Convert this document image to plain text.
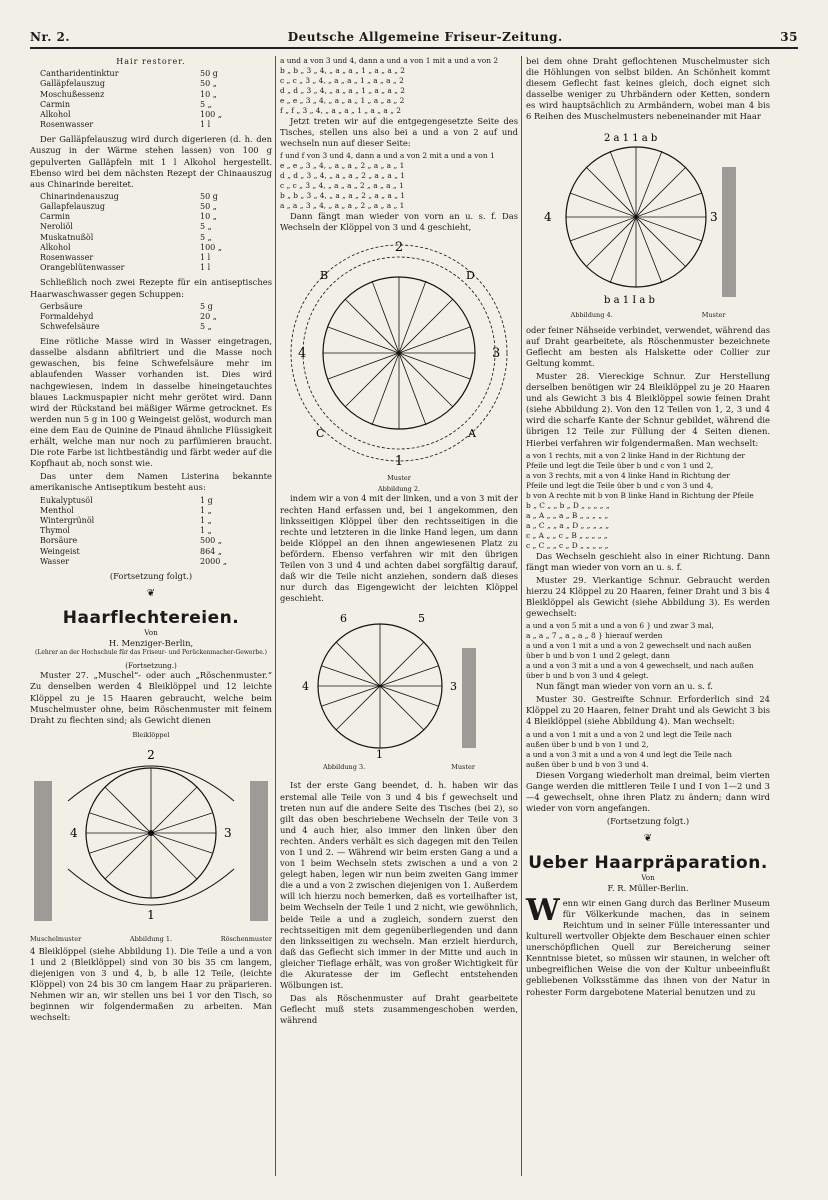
Nr. 2.	Deutsche Allgemeine Friseur-Zeitung.	35
Hair restorer.
Cantharidentinktur	50 g
Galläpfelauszug	50 „
Moschußessenz	10 „
Carmin	5 „
Alkohol	100 „
Rosenwasser	1 l

Der Galläpfelauszug wird durch digerieren (d. h. den Auszug in der Wärme stehen lassen) von 100 g gepulverten Galläpfeln mit 1 l Alkohol hergestellt. Ebenso wird bei dem nächsten Rezept der Chinaauszug aus Chinarinde bereitet.

Chinarindenauszug	50 g
Gallapfelauszug	50 „
Carmin	10 „
Neroliöl	5 „
Muskatnußöl	5 „
Alkohol	100 „
Rosenwasser	1 l
Orangeblütenwasser	1 l

Schließlich noch zwei Rezepte für ein antiseptisches Haarwaschwasser gegen Schuppen:

Gerbsäure	5 g
Formaldehyd	20 „
Schwefelsäure	5 „

Eine rötliche Masse wird in Wasser eingetragen, dasselbe alsdann abfiltriert und die Masse noch gewaschen, bis feine Schwefelsäure mehr im ablaufenden Wasser vorhanden ist. Dies wird nachgewiesen, indem in dasselbe hineingetauchtes blaues Lackmuspapier nicht mehr gerötet wird. Dann wird der Rückstand bei mäßiger Wärme getrocknet. Es werden nun 5 g in 100 g Weingeist gelöst, wodurch man eine dem Eau de Quinine de Pinaud ähnliche Flüssigkeit erhält, welche man nur noch zu parfümieren braucht. Die rote Farbe ist lichtbeständig und färbt weder auf die Kopfhaut ab, noch sonst wie.

Das unter dem Namen Listerina bekannte amerikanische Antiseptikum besteht aus:

Eukalyptusöl	1 g
Menthol	1 „
Wintergrünöl	1 „
Thymol	1 „
Borsäure	500 „
Weingeist	864 „
Wasser	2000 „
(Fortsetzung folgt.)
❦
Haarflechtereien.
Von
H. Menziger-Berlin,
(Lehrer an der Hochschule für das Friseur- und Perückenmacher-Gewerbe.)
(Fortsetzung.)

Muster 27. „Muschel“- oder auch „Röschenmuster.“ Zu denselben werden 4 Bleiklöppel und 12 leichte Klöppel zu je 15 Haaren gebraucht, welche beim Muschelmuster ohne, beim Röschenmuster mit feinem Draht zu flechten sind; als Gewicht dienen

Bleiklöppel
2
1
4	3
Muschelmuster	Abbildung 1.	Röschenmuster

4 Bleiklöppel (siehe Abbildung 1). Die Teile a und a von 1 und 2 (Bleiklöppel) sind von 30 bis 35 cm langem, diejenigen von 3 und 4, b, b alle 12 Teile, (leichte Klöppel) von 24 bis 30 cm langem Haar zu präparieren. Nehmen wir an, wir stellen uns bei 1 vor den Tisch, so beginnen wir folgendermaßen zu arbeiten. Man wechselt:

a und a von 3 und 4, dann a und a von 1 mit a und a von 2
b „ b „ 3 „ 4, „ a „ a „ 1 „ a „ a „ 2
c „ c „ 3 „ 4, „ a „ a „ 1 „ a „ a „ 2
d „ d „ 3 „ 4, „ a „ a „ 1 „ a „ a „ 2
e „ e „ 3 „ 4, „ a „ a „ 1 „ a „ a „ 2
f „ f „ 3 „ 4, „ a „ a „ 1 „ a „ a „ 2

Jetzt treten wir auf die entgegengesetzte Seite des Tisches, stellen uns also bei a und a von 2 auf und wechseln nun auf dieser Seite:

f und f von 3 und 4, dann a und a von 2 mit a und a von 1
e „ e „ 3 „ 4, „ a „ a „ 2 „ a „ a „ 1
d „ d „ 3 „ 4, „ a „ a „ 2 „ a „ a „ 1
c „ c „ 3 „ 4, „ a „ a „ 2 „ a „ a „ 1
b „ b „ 3 „ 4, „ a „ a „ 2 „ a „ a „ 1
a „ a „ 3 „ 4, „ a „ a „ 2 „ a „ a „ 1

Dann fängt man wieder von vorn an u. s. f. Das Wechseln der Klöppel von 3 und 4 geschieht,

2
1
4	3
B	D
C	A
Muster
Abbildung 2.

indem wir a von 4 mit der linken, und a von 3 mit der rechten Hand erfassen und, bei 1 angekommen, den linksseitigen Klöppel über den rechtsseitigen in die rechte und letzteren in die linke Hand legen, um dann beide Klöppel an den ihnen angewiesenen Platz zu befördern. Ebenso verfahren wir mit den übrigen Teilen von 3 und 4 und achten dabei sorgfältig darauf, daß wir die Teile nicht anziehen, sondern daß dieses nur durch das Eigengewicht der leichten Klöppel geschieht.

6	5
4	3
1
Abbildung 3.	Muster

Ist der erste Gang beendet, d. h. haben wir das erstemal alle Teile von 3 und 4 bis f gewechselt und treten nun auf die andere Seite des Tisches (bei 2), so gilt das oben beschriebene Wechseln der Teile von 3 und 4 auch hier, also immer den linken über den rechten. Anders verhält es sich dagegen mit den Teilen von 1 und 2. — Während wir beim ersten Gang a und a von 1 beim Wechseln stets zwischen a und a von 2 gelegt haben, legen wir nun beim zweiten Gang immer die a und a von 2 zwischen diejenigen von 1. Außerdem will ich hierzu noch bemerken, daß es vorteilhafter ist, beim Wechseln der Teile 1 und 2 nicht, wie gewöhnlich, beide Teile a und a zugleich, sondern zuerst den rechtsseitigen mit dem gegenüberliegenden und dann den linksseitigen zu wechseln. Man erzielt hierdurch, daß das Geflecht sich immer in der Mitte und auch in gleicher Tieflage erhält, was von großer Wichtigkeit für die Akuratesse der im Geflecht entstehenden Wölbungen ist.

Das als Röschenmuster auf Draht gearbeitete Geflecht muß stets zusammengeschoben werden, während

bei dem ohne Draht geflochtenen Muschelmuster sich die Höhlungen von selbst bilden. An Schönheit kommt diesem Geflecht fast keines gleich, doch eignet sich dasselbe weniger zu Uhrbändern oder Ketten, sondern es wird hauptsächlich zu Armbändern, wobei man 4 bis 6 Reihen des Muschelmusters nebeneinander mit Haar

2 a 1 1 a b
b a 1 I a b
4	3
Abbildung 4.	Muster

oder feiner Nähseide verbindet, verwendet, während das auf Draht gearbeitete, als Röschenmuster bezeichnete Geflecht am besten als Halskette oder Collier zur Geltung kommt.

Muster 28. Viereckige Schnur. Zur Herstellung derselben benötigen wir 24 Bleiklöppel zu je 20 Haaren und als Gewicht 3 bis 4 Bleiklöppel sowie feinen Draht (siehe Abbildung 2). Von den 12 Teilen von 1, 2, 3 und 4 wird die scharfe Kante der Schnur gebildet, während die übrigen 12 Teile zur Füllung der 4 Seiten dienen. Hierbei verfahren wir folgendermaßen. Man wechselt:

a von 1 rechts, mit a von 2 linke Hand in der Richtung der
Pfeile und legt die Teile über b und c von 1 und 2,
a von 3 rechts, mit a von 4 linke Hand in Richtung der
Pfeile und legt die Teile über b und c von 3 und 4,
b von A rechte mit b von B linke Hand in Richtung der Pfeile
b „ C „ „ b „ D „ „ „ „ „
a „ A „ „ a „ B „ „ „ „ „
a „ C „ „ a „ D „ „ „ „ „
c „ A „ „ c „ B „ „ „ „ „
c „ C „ „ c „ D „ „ „ „ „

Das Wechseln geschieht also in einer Richtung. Dann fängt man wieder von vorn an u. s. f.

Muster 29. Vierkantige Schnur. Gebraucht werden hierzu 24 Klöppel zu 20 Haaren, feiner Draht und 3 bis 4 Bleiklöppel als Gewicht (siehe Abbildung 3). Es werden gewechselt:

a und a von 5 mit a und a von 6 } und zwar 3 mal,
a „ a „ 7 „ a „ a „ 8 } hierauf werden
a und a von 1 mit a und a von 2 gewechselt und nach außen
über b und b von 1 und 2 gelegt, dann
a und a von 3 mit a und a von 4 gewechselt, und nach außen
über b und b von 3 und 4 gelegt.

Nun fängt man wieder von vorn an u. s. f.

Muster 30. Gestreifte Schnur. Erforderlich sind 24 Klöppel zu 20 Haaren, feiner Draht und als Gewicht 3 bis 4 Bleiklöppel (siehe Abbildung 4). Man wechselt:

a und a von 1 mit a und a von 2 und legt die Teile nach
außen über b und b von 1 und 2,
a und a von 3 mit a und a von 4 und legt die Teile nach
außen über b und b von 3 und 4.

Diesen Vorgang wiederholt man dreimal, beim vierten Gange werden die mittleren Teile I und I von 1—2 und 3—4 gewechselt, ohne ihren Platz zu ändern; dann wird wieder von vorn angefangen.

(Fortsetzung folgt.)
❦
Ueber Haarpräparation.
Von
F. R. Müller-Berlin.

Wenn wir einen Gang durch das Berliner Museum für Völkerkunde machen, das in seinem Reichtum und in seiner Fülle interessanter und kulturell wertvoller Objekte dem Beschauer einen schier unerschöpflichen Quell zur Bereicherung seiner Kenntnisse bietet, so müssen wir staunen, in welcher oft unbegreiflichen Weise die von der Kultur unbeeinflußt gebliebenen Volksstämme das ihnen von der Natur in rohester Form dargebotene Material benutzen und zu
